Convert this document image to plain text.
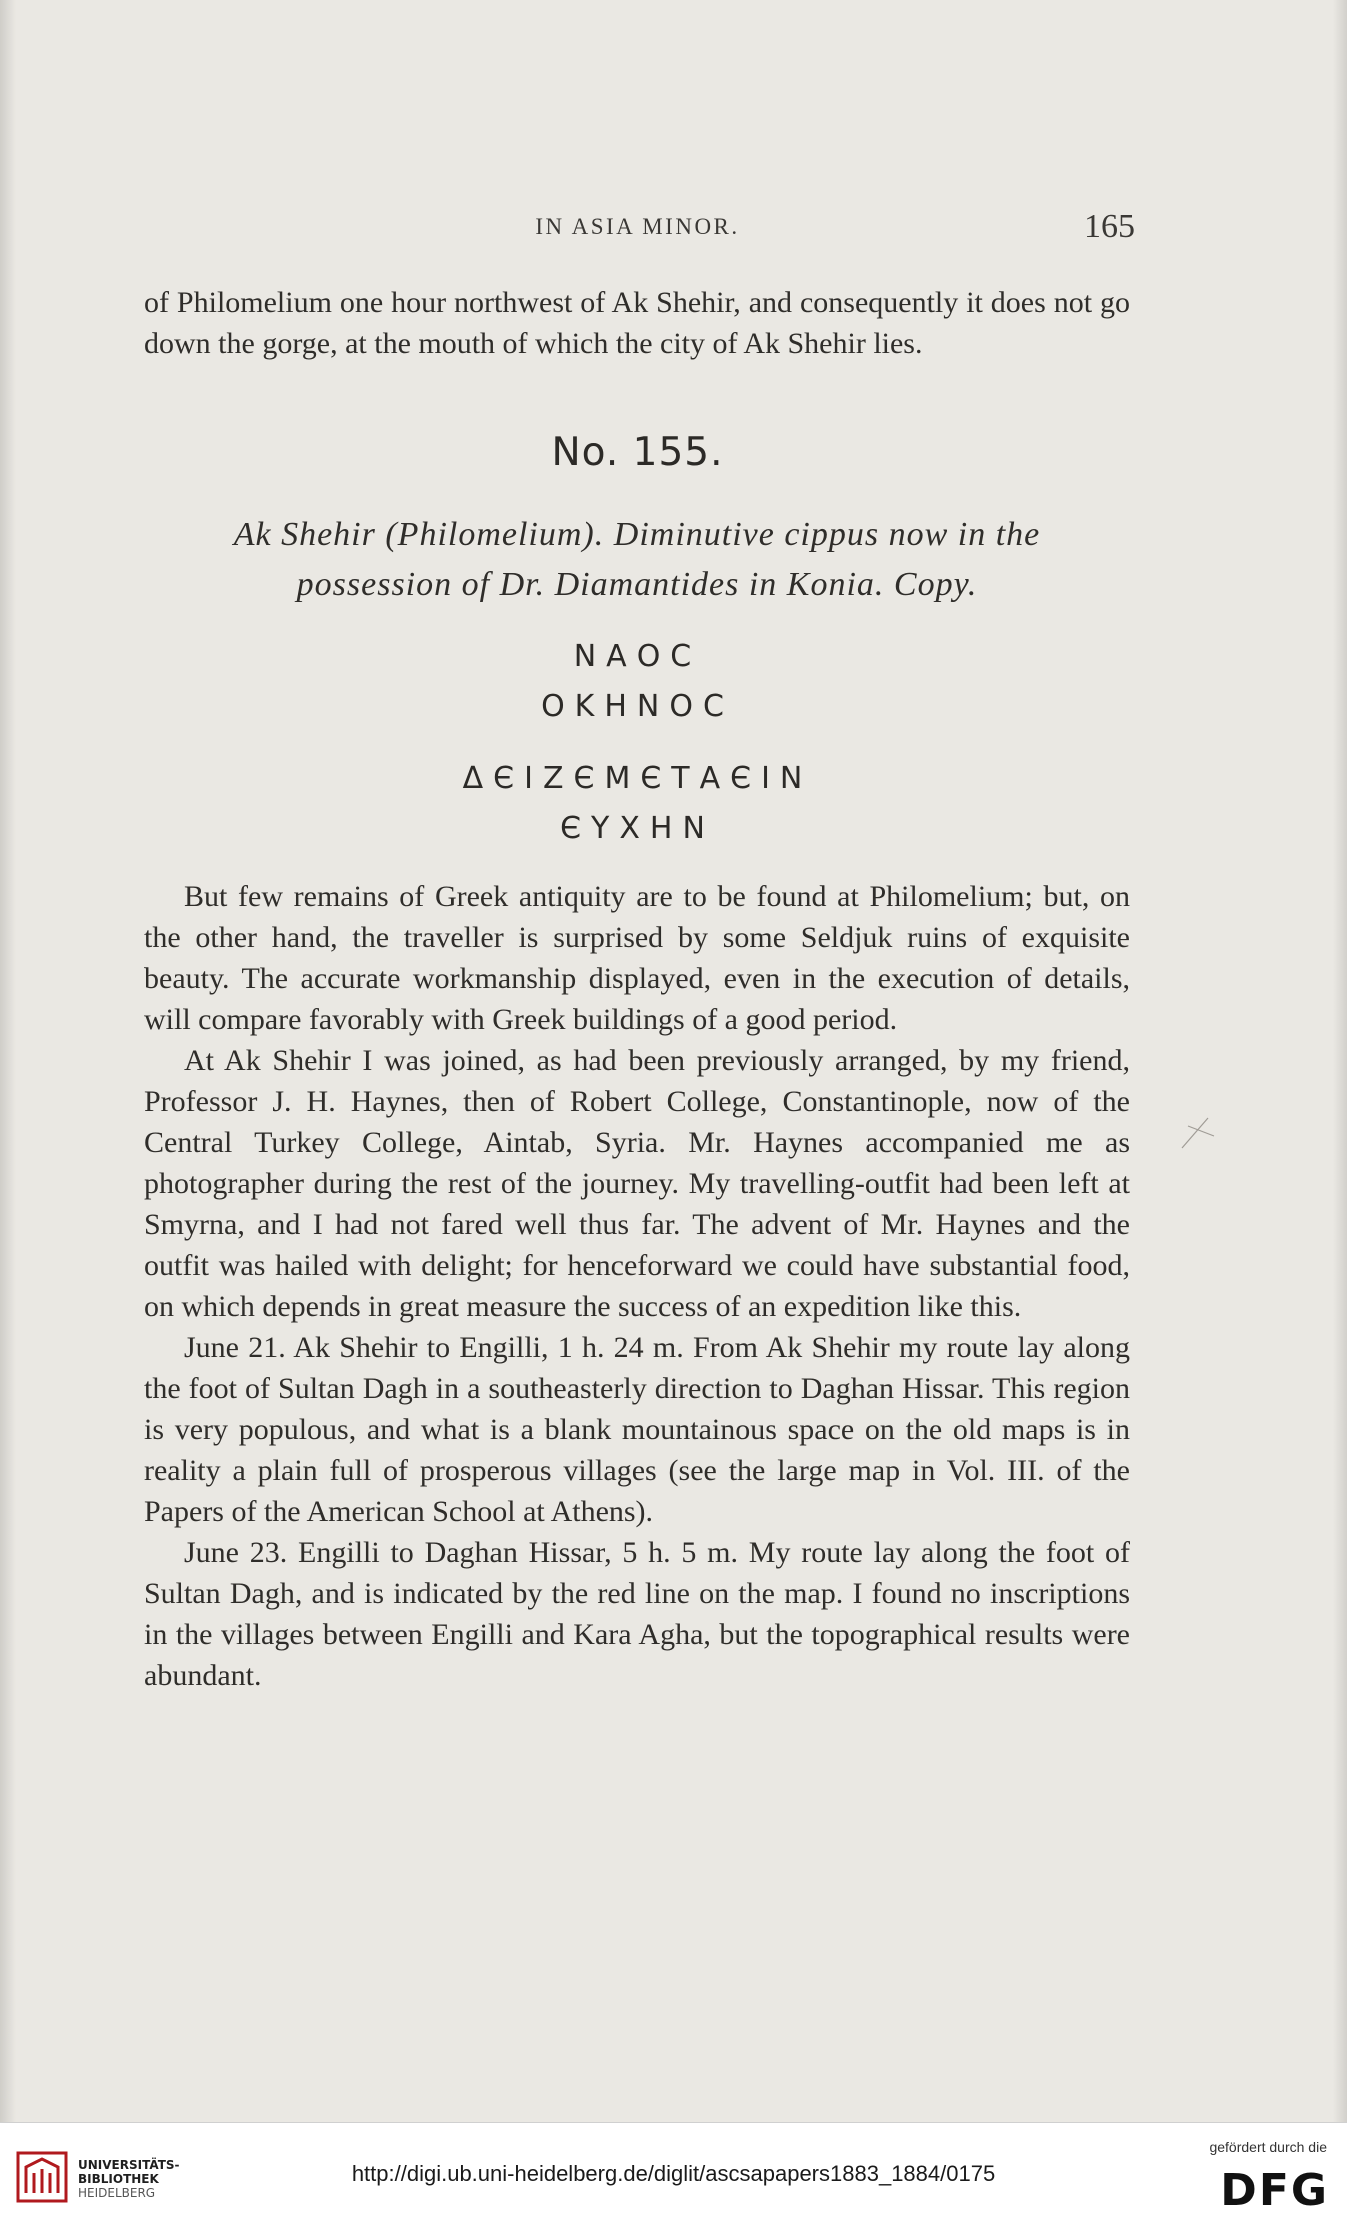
IN ASIA MINOR.	165

of Philomelium one hour northwest of Ak Shehir, and consequently it does not go down the gorge, at the mouth of which the city of Ak Shehir lies.

No. 155.

Ak Shehir (Philomelium). Diminutive cippus now in the

possession of Dr. Diamantides in Konia. Copy.

ΝΑΟC
ΟΚΗΝΟC
ΔЄΙΖЄΜЄΤΑЄΙΝ
ЄΥΧΗΝ

But few remains of Greek antiquity are to be found at Philomelium; but, on the other hand, the traveller is surprised by some Seldjuk ruins of exquisite beauty. The accurate workmanship displayed, even in the execution of details, will compare favorably with Greek buildings of a good period.

At Ak Shehir I was joined, as had been previously arranged, by my friend, Professor J. H. Haynes, then of Robert College, Constantinople, now of the Central Turkey College, Aintab, Syria. Mr. Haynes accompanied me as photographer during the rest of the journey. My travelling-outfit had been left at Smyrna, and I had not fared well thus far. The advent of Mr. Haynes and the outfit was hailed with delight; for henceforward we could have substantial food, on which depends in great measure the success of an expedition like this.

June 21. Ak Shehir to Engilli, 1 h. 24 m. From Ak Shehir my route lay along the foot of Sultan Dagh in a southeasterly direction to Daghan Hissar. This region is very populous, and what is a blank mountainous space on the old maps is in reality a plain full of prosperous villages (see the large map in Vol. III. of the Papers of the American School at Athens).

June 23. Engilli to Daghan Hissar, 5 h. 5 m. My route lay along the foot of Sultan Dagh, and is indicated by the red line on the map. I found no inscriptions in the villages between Engilli and Kara Agha, but the topographical results were abundant.

UNIVERSITÄTS-
BIBLIOTHEK
HEIDELBERG
http://digi.ub.uni-heidelberg.de/diglit/ascsapapers1883_1884/0175
gefördert durch die
DFG
